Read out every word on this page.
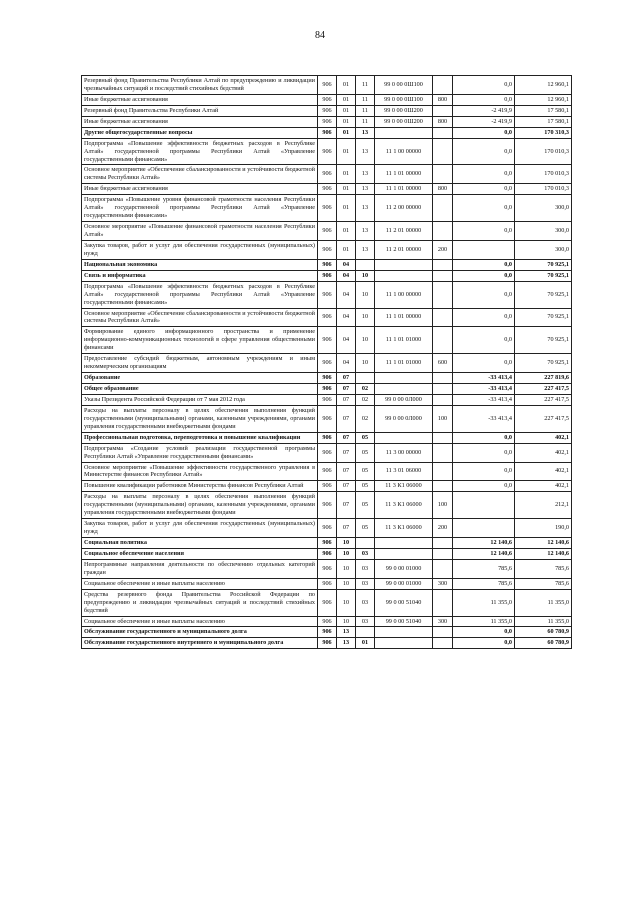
84
Резервный фонд Правительства Республики Алтай по предупреждению и ликвидации чрезвычайных ситуаций и последствий стихийных бедствий	906	01	11	99 0 00 0Ш100		0,0	12 960,1
Иные бюджетные ассигнования	906	01	11	99 0 00 0Ш100	800	0,0	12 960,1
Резервный фонд Правительства Республики Алтай	906	01	11	99 0 00 0Ш200		-2 419,9	17 580,1
Иные бюджетные ассигнования	906	01	11	99 0 00 0Ш200	800	-2 419,9	17 580,1
Другие общегосударственные вопросы	906	01	13			0,0	170 310,3
Подпрограмма «Повышение эффективности бюджетных расходов в Республике Алтай» государственной программы Республики Алтай «Управление государственными финансами»	906	01	13	11 1 00 00000		0,0	170 010,3
Основное мероприятие «Обеспечение сбалансированности и устойчивости бюджетной системы Республики Алтай»	906	01	13	11 1 01 00000		0,0	170 010,3
Иные бюджетные ассигнования	906	01	13	11 1 01 00000	800	0,0	170 010,3
Подпрограмма «Повышение уровня финансовой грамотности населения Республики Алтай» государственной программы Республики Алтай «Управление государственными финансами»	906	01	13	11 2 00 00000		0,0	300,0
Основное мероприятие «Повышение финансовой грамотности населения Республики Алтай»	906	01	13	11 2 01 00000		0,0	300,0
Закупка товаров, работ и услуг для обеспечения государственных (муниципальных) нужд	906	01	13	11 2 01 00000	200		300,0
Национальная экономика	906	04				0,0	70 925,1
Связь и информатика	906	04	10			0,0	70 925,1
Подпрограмма «Повышение эффективности бюджетных расходов в Республике Алтай» государственной программы Республики Алтай «Управление государственными финансами»	906	04	10	11 1 00 00000		0,0	70 925,1
Основное мероприятие «Обеспечение сбалансированности и устойчивости бюджетной системы Республики Алтай»	906	04	10	11 1 01 00000		0,0	70 925,1
Формирование единого информационного пространства и применение информационно-коммуникационных технологий в сфере управления общественными финансами	906	04	10	11 1 01 01000		0,0	70 925,1
Предоставление субсидий бюджетным, автономным учреждениям и иным некоммерческим организациям	906	04	10	11 1 01 01000	600	0,0	70 925,1
Образование	906	07				-33 413,4	227 819,6
Общее образование	906	07	02			-33 413,4	227 417,5
Указы Президента Российской Федерации от 7 мая 2012 года	906	07	02	99 0 00 0Л000		-33 413,4	227 417,5
Расходы на выплаты персоналу в целях обеспечения выполнения функций государственными (муниципальными) органами, казенными учреждениями, органами управления государственными внебюджетными фондами	906	07	02	99 0 00 0Л000	100	-33 413,4	227 417,5
Профессиональная подготовка, переподготовка и повышение квалификации	906	07	05			0,0	402,1
Подпрограмма «Создание условий реализации государственной программы Республики Алтай «Управление государственными финансами»	906	07	05	11 3 00 00000		0,0	402,1
Основное мероприятие «Повышение эффективности государственного управления в Министерстве финансов Республики Алтай»	906	07	05	11 3 01 06000		0,0	402,1
Повышение квалификации работников Министерства финансов Республики Алтай	906	07	05	11 3 К1 06000		0,0	402,1
Расходы на выплаты персоналу в целях обеспечения выполнения функций государственными (муниципальными) органами, казенными учреждениями, органами управления государственными внебюджетными фондами	906	07	05	11 3 К1 06000	100		212,1
Закупка товаров, работ и услуг для обеспечения государственных (муниципальных) нужд	906	07	05	11 3 К1 06000	200		190,0
Социальная политика	906	10				12 140,6	12 140,6
Социальное обеспечение населения	906	10	03			12 140,6	12 140,6
Непрограммные направления деятельности по обеспечению отдельных категорий граждан	906	10	03	99 0 00 01000		785,6	785,6
Социальное обеспечение и иные выплаты населению	906	10	03	99 0 00 01000	300	785,6	785,6
Средства резервного фонда Правительства Российской Федерации по предупреждению и ликвидации чрезвычайных ситуаций и последствий стихийных бедствий	906	10	03	99 0 00 51040		11 355,0	11 355,0
Социальное обеспечение и иные выплаты населению	906	10	03	99 0 00 51040	300	11 355,0	11 355,0
Обслуживание государственного и муниципального долга	906	13				0,0	60 780,9
Обслуживание государственного внутреннего и муниципального долга	906	13	01			0,0	60 780,9
